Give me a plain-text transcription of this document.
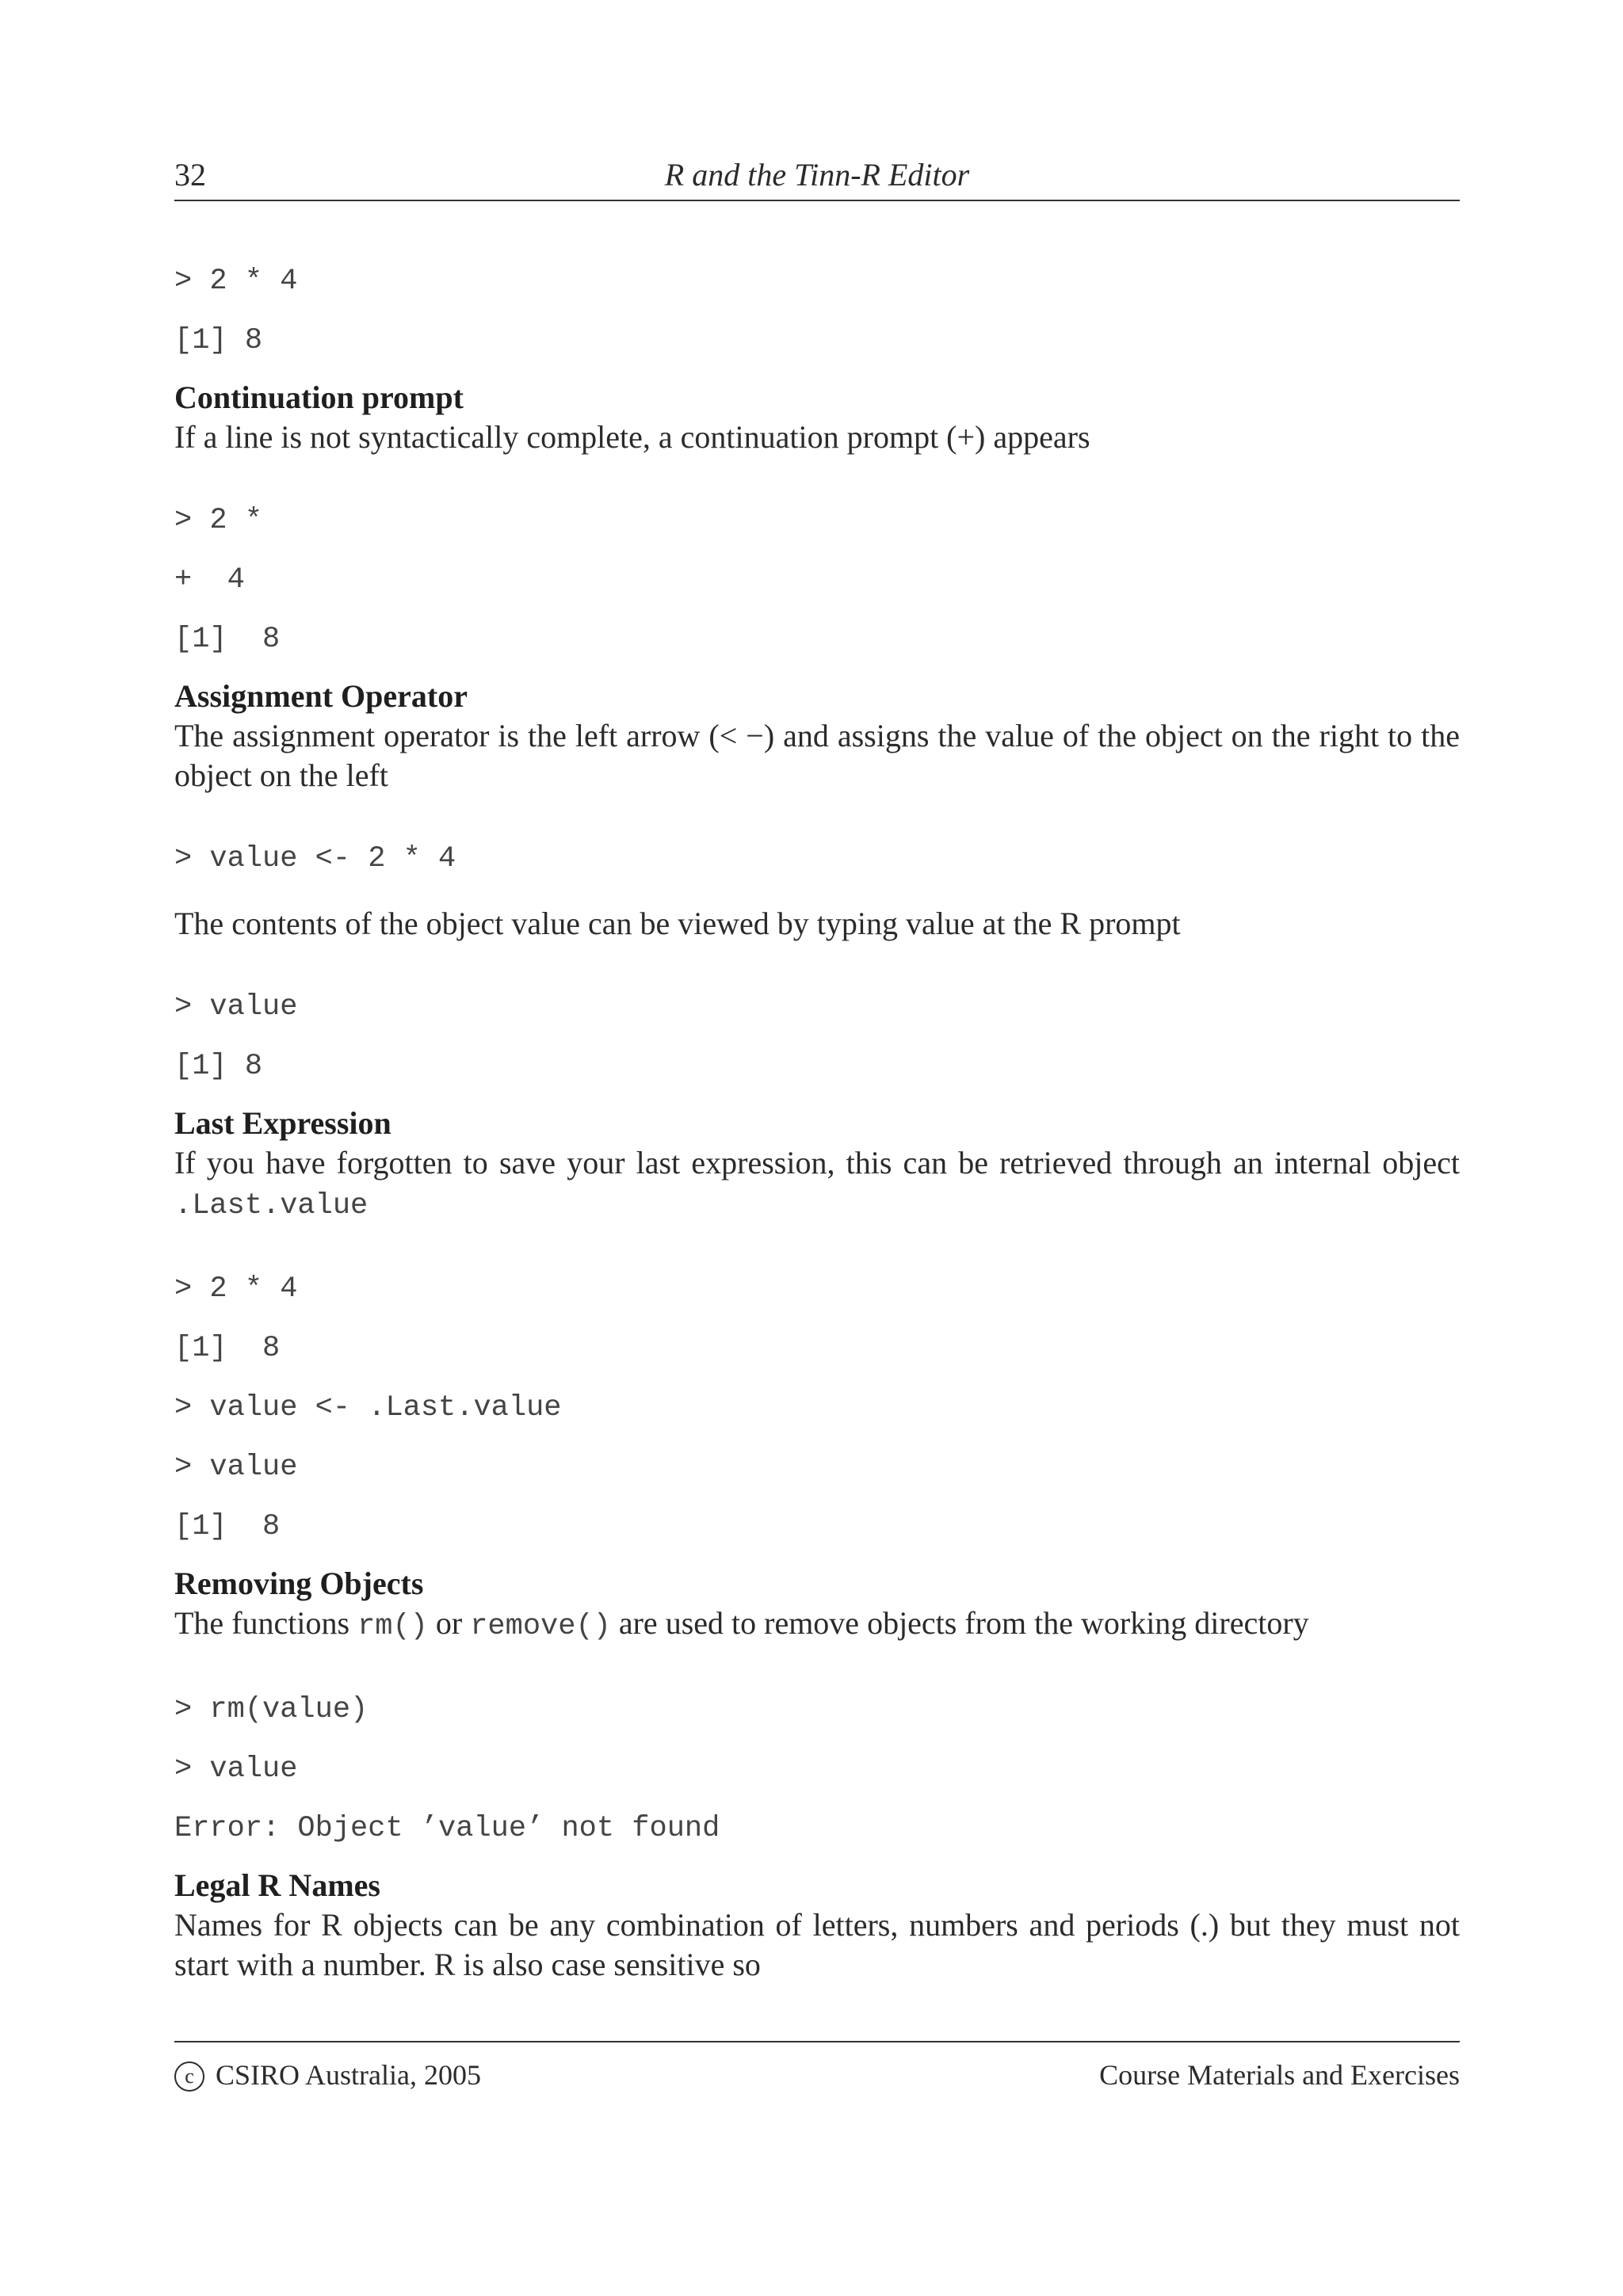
32	R and the Tinn-R Editor
> 2 * 4
[1] 8
Continuation prompt
If a line is not syntactically complete, a continuation prompt (+) appears
> 2 *
+  4
[1]  8
Assignment Operator
The assignment operator is the left arrow (< −) and assigns the value of the object on the right to the object on the left
> value <- 2 * 4
The contents of the object value can be viewed by typing value at the R prompt
> value
[1] 8
Last Expression
If you have forgotten to save your last expression, this can be retrieved through an internal object .Last.value
> 2 * 4
[1]  8
> value <- .Last.value
> value
[1]  8
Removing Objects
The functions rm() or remove() are used to remove objects from the working directory
> rm(value)
> value
Error: Object ’value’ not found
Legal R Names
Names for R objects can be any combination of letters, numbers and periods (.) but they must not start with a number. R is also case sensitive so
c CSIRO Australia, 2005	Course Materials and Exercises
